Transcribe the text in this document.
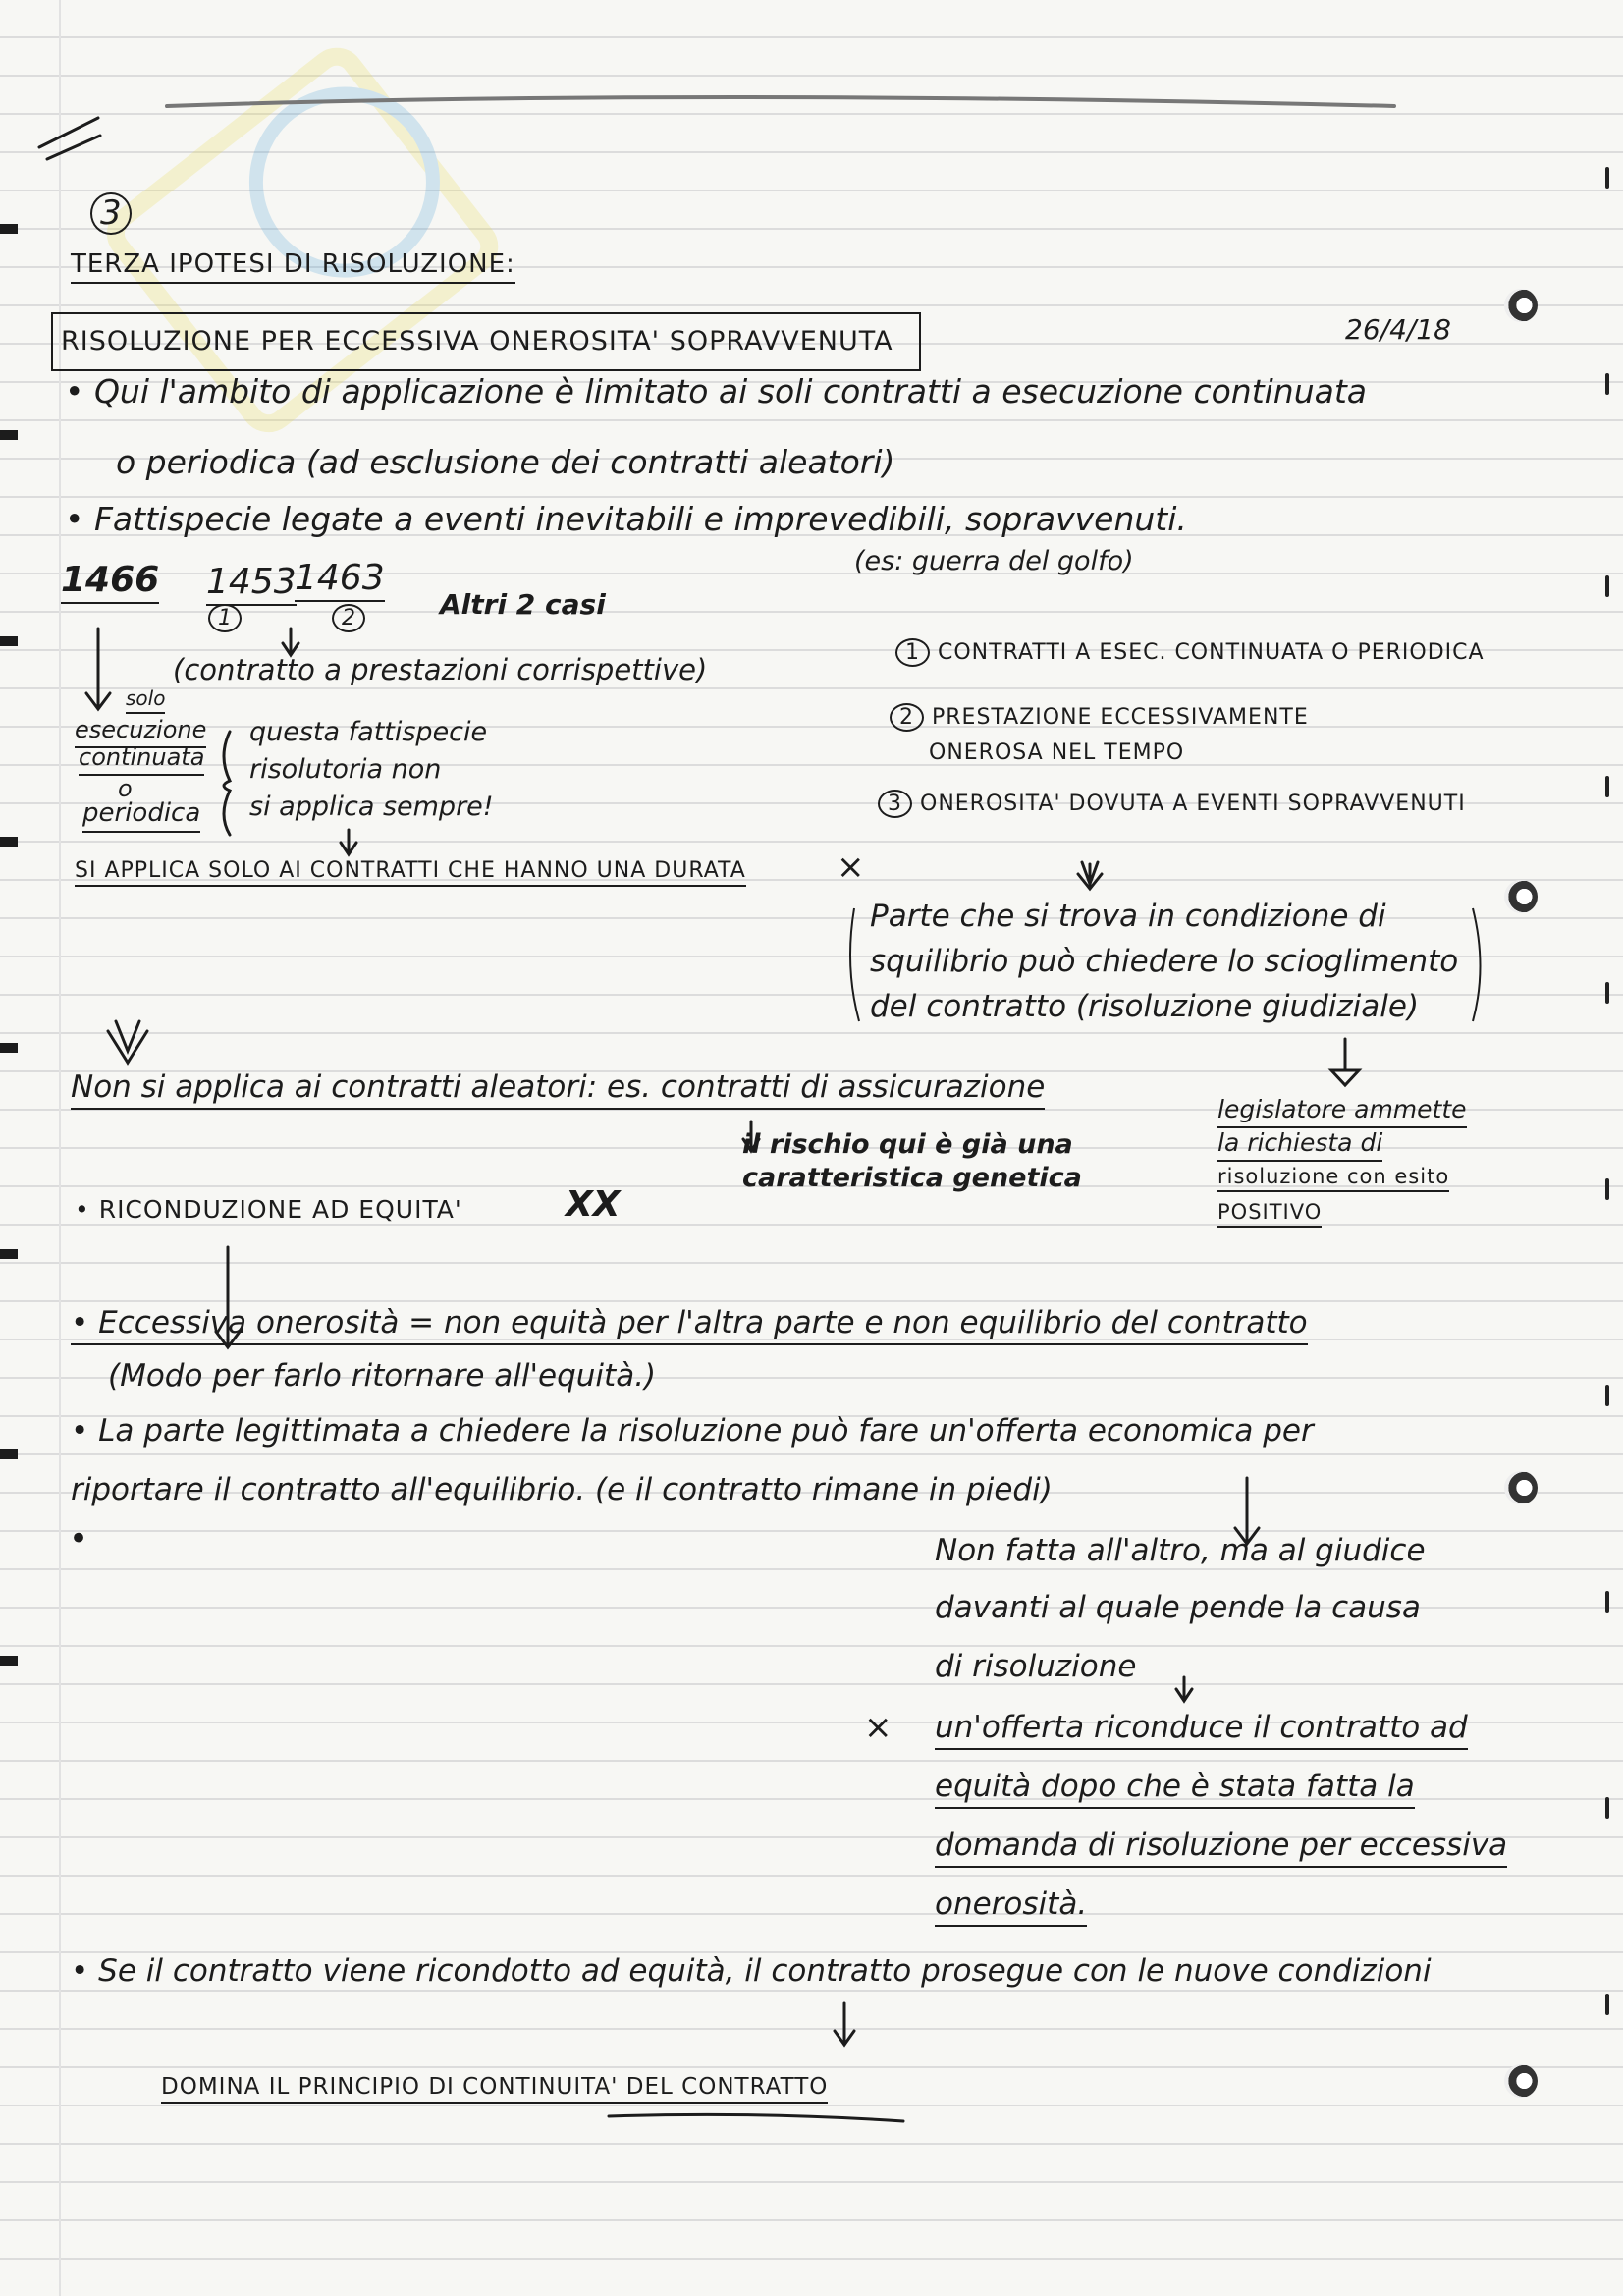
3
TERZA IPOTESI DI RISOLUZIONE:
26/4/18
RISOLUZIONE PER ECCESSIVA ONEROSITA' SOPRAVVENUTA
• Qui l'ambito di applicazione è limitato ai soli contratti a esecuzione continuata
o periodica (ad esclusione dei contratti aleatori)
• Fattispecie legate a eventi inevitabili e imprevedibili, sopravvenuti.
(es: guerra del golfo)
1466 1453
1463
1	2	Altri 2 casi
(contratto a prestazioni corrispettive)
1 CONTRATTI A ESEC. CONTINUATA O PERIODICA
2 PRESTAZIONE ECCESSIVAMENTE
ONEROSA NEL TEMPO
3 ONEROSITA' DOVUTA A EVENTI SOPRAVVENUTI
solo
esecuzione
continuata
o
periodica
questa fattispecie
risolutoria non
si applica sempre!
SI APPLICA SOLO AI CONTRATTI CHE HANNO UNA DURATA	×
Parte che si trova in condizione di
squilibrio può chiedere lo scioglimento
del contratto (risoluzione giudiziale)
Non si applica ai contratti aleatori: es. contratti di assicurazione
il rischio qui è già una
caratteristica genetica
legislatore ammette
la richiesta di
risoluzione con esito
POSITIVO
• RICONDUZIONE AD EQUITA'	XX
• Eccessiva onerosità = non equità per l'altra parte e non equilibrio del contratto
(Modo per farlo ritornare all'equità.)
• La parte legittimata a chiedere la risoluzione può fare un'offerta economica per
riportare il contratto all'equilibrio. (e il contratto rimane in piedi)
•	Non fatta all'altro, ma al giudice
davanti al quale pende la causa
di risoluzione
× un'offerta riconduce il contratto ad
equità dopo che è stata fatta la
domanda di risoluzione per eccessiva
onerosità.
• Se il contratto viene ricondotto ad equità, il contratto prosegue con le nuove condizioni
DOMINA IL PRINCIPIO DI CONTINUITA' DEL CONTRATTO
